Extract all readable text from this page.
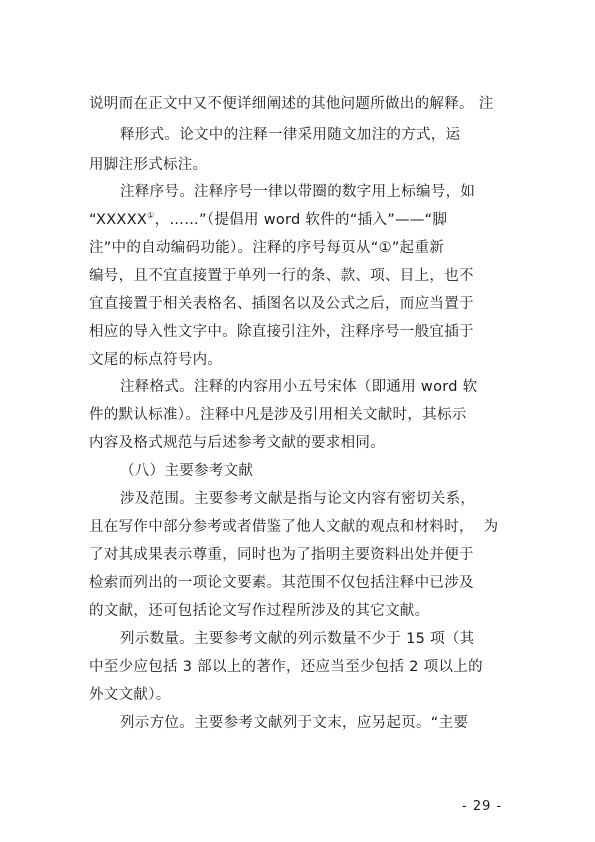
说明而在正文中又不便详细阐述的其他问题所做出的解释。 注
释形式。论文中的注释一律采用随文加注的方式，运
用脚注形式标注。
注释序号。注释序号一律以带圈的数字用上标编号，如
“XXXXX①，……”（提倡用 word 软件的“插入”——“脚
注”中的自动编码功能）。注释的序号每页从“①”起重新
编号，且不宜直接置于单列一行的条、款、项、目上，也不
宜直接置于相关表格名、插图名以及公式之后，而应当置于
相应的导入性文字中。除直接引注外，注释序号一般宜插于
文尾的标点符号内。
注释格式。注释的内容用小五号宋体（即通用 word 软
件的默认标准）。注释中凡是涉及引用相关文献时，其标示
内容及格式规范与后述参考文献的要求相同。
（八）主要参考文献
涉及范围。主要参考文献是指与论文内容有密切关系，
且在写作中部分参考或者借鉴了他人文献的观点和材料时，  为
了对其成果表示尊重，同时也为了指明主要资料出处并便于
检索而列出的一项论文要素。其范围不仅包括注释中已涉及
的文献，还可包括论文写作过程所涉及的其它文献。
列示数量。主要参考文献的列示数量不少于 15 项（其
中至少应包括 3 部以上的著作，还应当至少包括 2 项以上的
外文文献）。
列示方位。主要参考文献列于文末，应另起页。“主要
- 29 -
